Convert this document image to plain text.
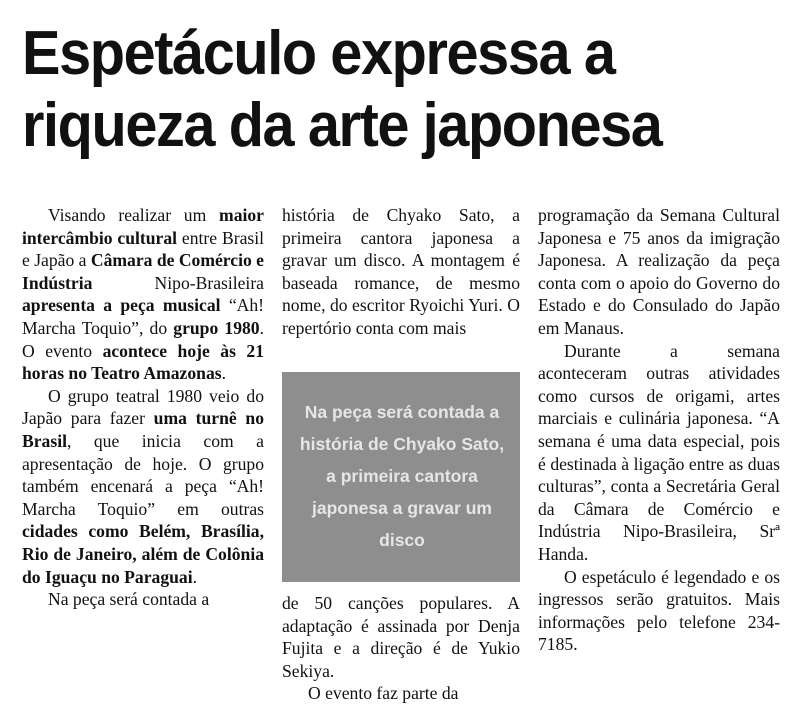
Espetáculo expressa a
riqueza da arte japonesa

Visando realizar um maior intercâmbio cultural entre Brasil e Japão a Câmara de Comércio e Indústria Nipo-Brasileira apresenta a peça musical “Ah! Marcha Toquio”, do grupo 1980. O evento acontece hoje às 21 horas no Teatro Amazonas.

O grupo teatral 1980 veio do Japão para fazer uma turnê no Brasil, que inicia com a apresentação de hoje. O grupo também encenará a peça “Ah! Marcha Toquio” em outras cidades como Belém, Brasília, Rio de Janeiro, além de Colônia do Iguaçu no Paraguai.

Na peça será contada a

história de Chyako Sato, a primeira cantora japonesa a gravar um disco. A montagem é baseada romance, de mesmo nome, do escritor Ryoichi Yuri. O repertório conta com mais

Na peça será contada a história de Chyako Sato, a primeira cantora japonesa a gravar um disco

de 50 canções populares. A adaptação é assinada por Denja Fujita e a direção é de Yukio Sekiya.

O evento faz parte da

programação da Semana Cultural Japonesa e 75 anos da imigração Japonesa. A realização da peça conta com o apoio do Governo do Estado e do Consulado do Japão em Manaus.

Durante a semana aconteceram outras atividades como cursos de origami, artes marciais e culinária japonesa. “A semana é uma data especial, pois é destinada à ligação entre as duas culturas”, conta a Secretária Geral da Câmara de Comércio e Indústria Nipo-Brasileira, Srª Handa.

O espetáculo é legendado e os ingressos serão gratuitos. Mais informações pelo telefone 234-7185.
